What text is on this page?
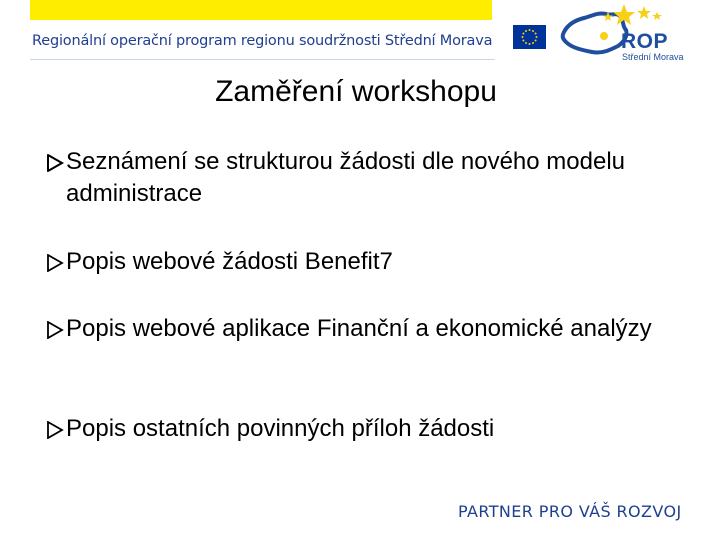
Regionální operační program regionu soudržnosti Střední Morava	ROP
Střední Morava
Zaměření workshopu
Seznámení se strukturou žádosti dle nového modelu administrace
Popis webové žádosti Benefit7
Popis webové aplikace Finanční a ekonomické analýzy
Popis ostatních povinných příloh žádosti
PARTNER PRO VÁŠ ROZVOJ
